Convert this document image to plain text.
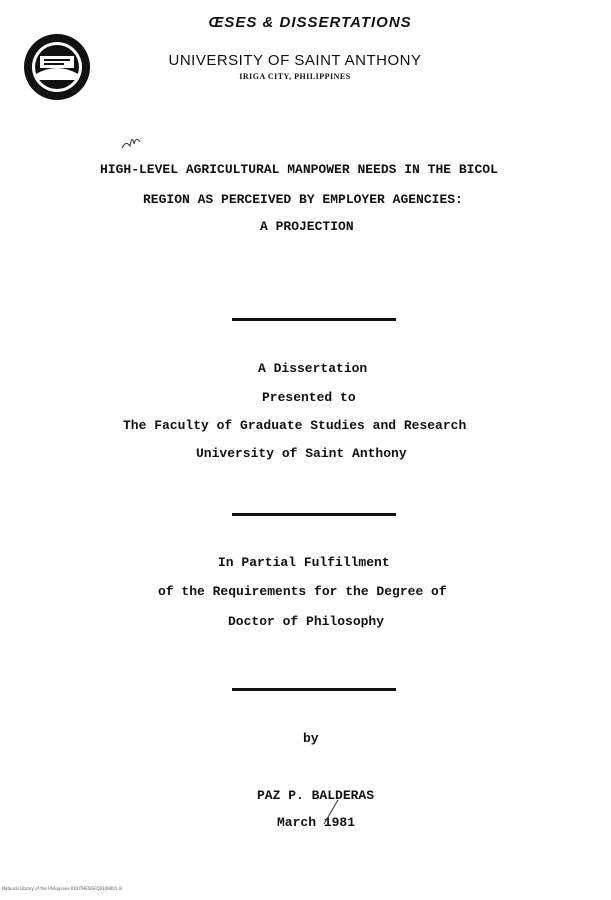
ŒSES & DISSERTATIONS
UNIVERSITY OF SAINT ANTHONY
IRIGA CITY, PHILIPPINES
HIGH-LEVEL AGRICULTURAL MANPOWER NEEDS IN THE BICOL
REGION AS PERCEIVED BY EMPLOYER AGENCIES:
A PROJECTION
A Dissertation
Presented to
The Faculty of Graduate Studies and Research
University of Saint Anthony
In Partial Fulfillment
of the Requirements for the Degree of
Doctor of Philosophy
by
PAZ P. BALDERAS
March 1981
National Library of the Philippines ROUTHESISFQ0109001 lil
